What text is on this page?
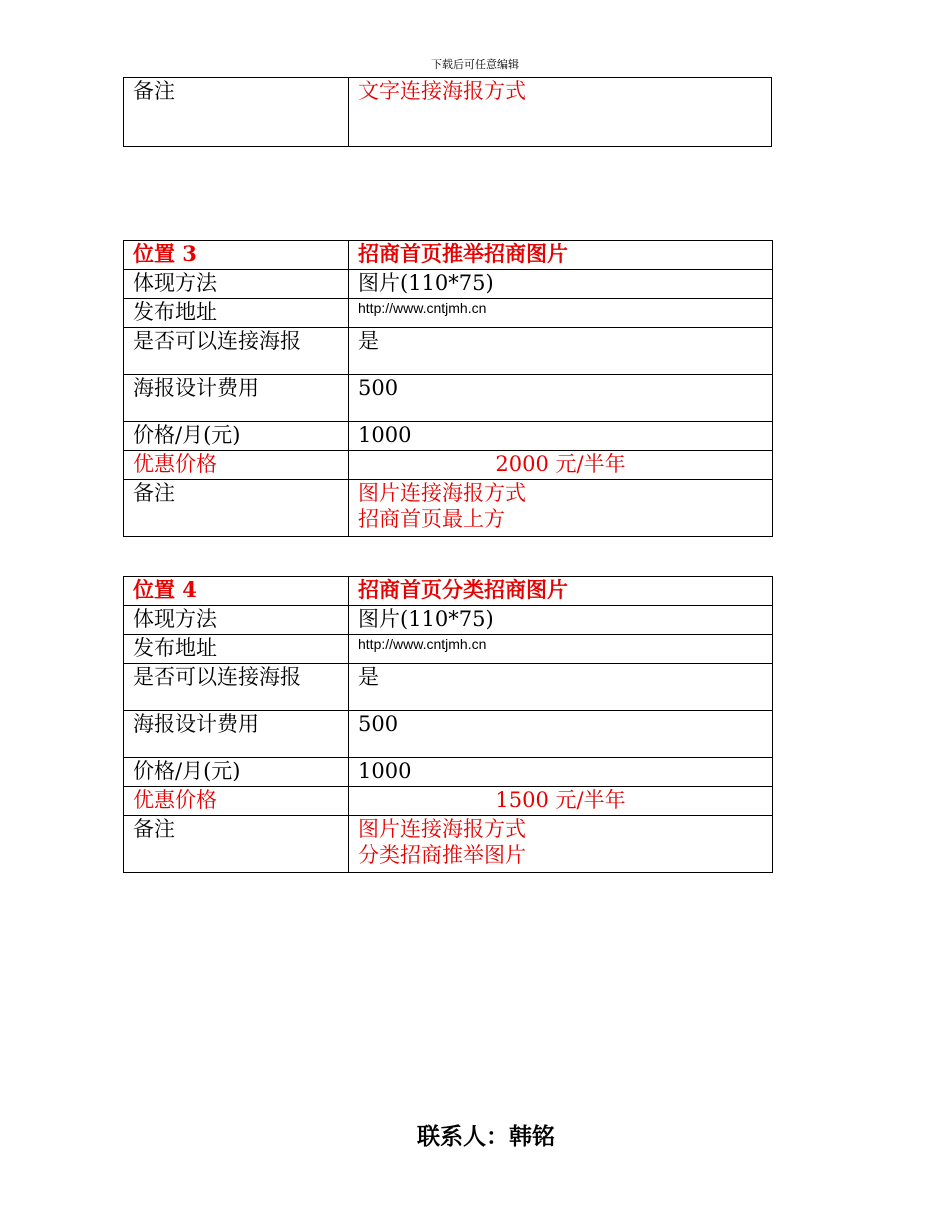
下载后可任意编辑
备注	文字连接海报方式
位置 3	招商首页推举招商图片
体现方法	图片(110*75)
发布地址	http://www.cntjmh.cn
是否可以连接海报	是
海报设计费用	500
价格/月(元)	1000
优惠价格	2000 元/半年
备注	图片连接海报方式
招商首页最上方
位置 4	招商首页分类招商图片
体现方法	图片(110*75)
发布地址	http://www.cntjmh.cn
是否可以连接海报	是
海报设计费用	500
价格/月(元)	1000
优惠价格	1500 元/半年
备注	图片连接海报方式
分类招商推举图片
联系人：韩铭
